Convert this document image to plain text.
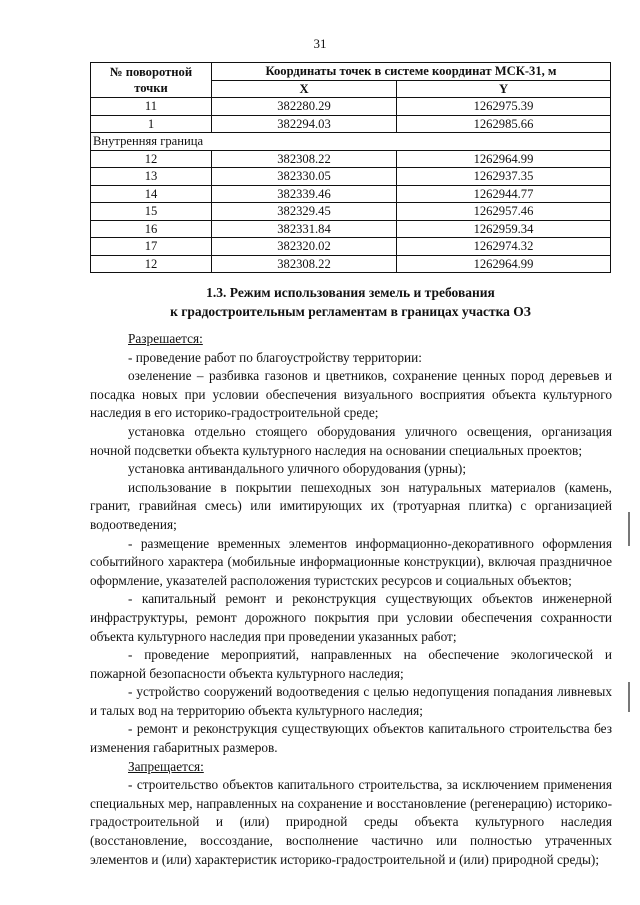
31
№ поворотной точки	Координаты точек в системе координат МСК-31, м	
	X	Y
11	382280.29	1262975.39
1	382294.03	1262985.66
Внутренняя граница		
12	382308.22	1262964.99
13	382330.05	1262937.35
14	382339.46	1262944.77
15	382329.45	1262957.46
16	382331.84	1262959.34
17	382320.02	1262974.32
12	382308.22	1262964.99
1.3. Режим использования земель и требования
к градостроительным регламентам в границах участка ОЗ

Разрешается:

- проведение работ по благоустройству территории:

озеленение – разбивка газонов и цветников, сохранение ценных пород деревьев и посадка новых при условии обеспечения визуального восприятия объекта культурного наследия в его историко-градостроительной среде;

установка отдельно стоящего оборудования уличного освещения, организация ночной подсветки объекта культурного наследия на основании специальных проектов;

установка антивандального уличного оборудования (урны);

использование в покрытии пешеходных зон натуральных материалов (камень, гранит, гравийная смесь) или имитирующих их (тротуарная плитка) с организацией водоотведения;

- размещение временных элементов информационно-декоративного оформления событийного характера (мобильные информационные конструкции), включая праздничное оформление, указателей расположения туристских ресурсов и социальных объектов;

- капитальный ремонт и реконструкция существующих объектов инженерной инфраструктуры, ремонт дорожного покрытия при условии обеспечения сохранности объекта культурного наследия при проведении указанных работ;

- проведение мероприятий, направленных на обеспечение экологической и пожарной безопасности объекта культурного наследия;

- устройство сооружений водоотведения с целью недопущения попадания ливневых и талых вод на территорию объекта культурного наследия;

- ремонт и реконструкция существующих объектов капитального строительства без изменения габаритных размеров.

Запрещается:

- строительство объектов капитального строительства, за исключением применения специальных мер, направленных на сохранение и восстановление (регенерацию) историко-градостроительной и (или) природной среды объекта культурного наследия (восстановление, воссоздание, восполнение частично или полностью утраченных элементов и (или) характеристик историко-градостроительной и (или) природной среды);
